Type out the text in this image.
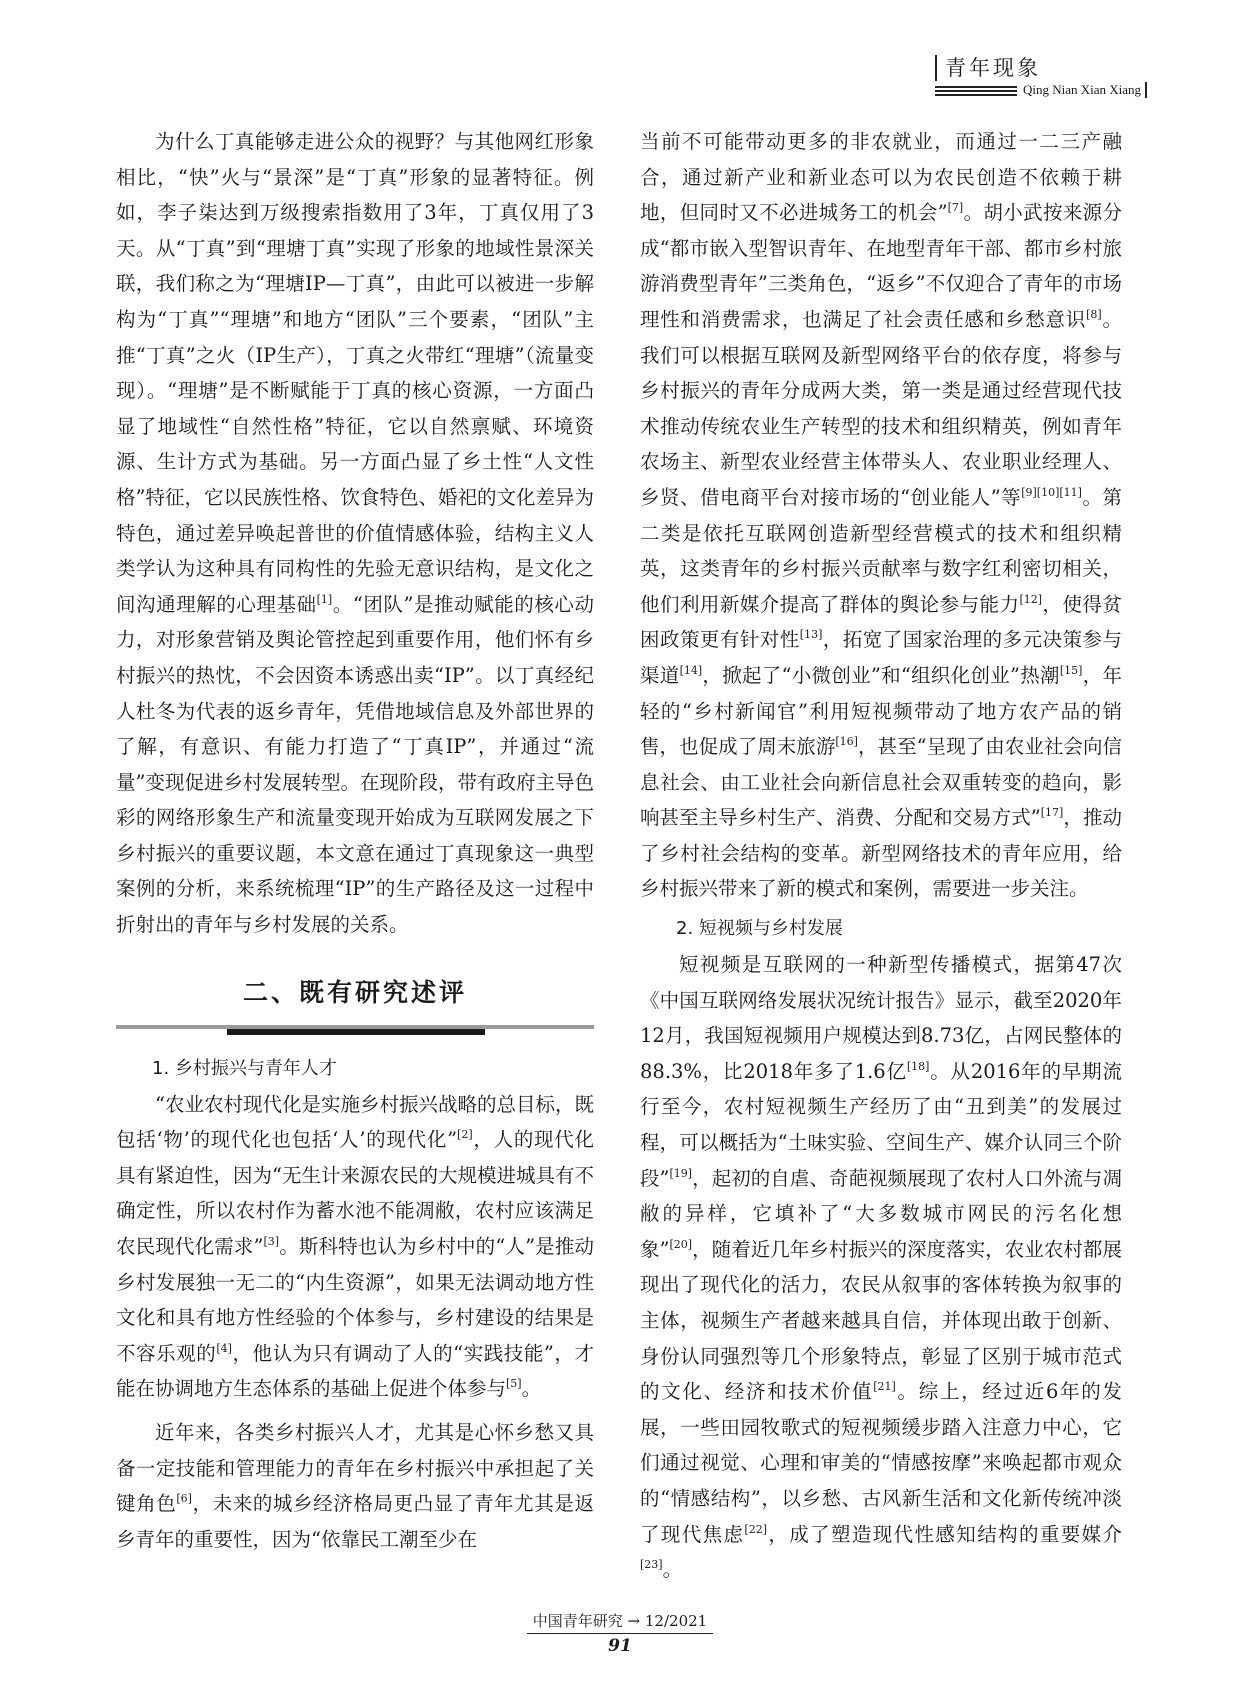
青年现象
Qing Nian Xian Xiang

为什么丁真能够走进公众的视野？与其他网红形象相比，“快”火与“景深”是“丁真”形象的显著特征。例如，李子柒达到万级搜索指数用了3年，丁真仅用了3天。从“丁真”到“理塘丁真”实现了形象的地域性景深关联，我们称之为“理塘IP—丁真”，由此可以被进一步解构为“丁真”“理塘”和地方“团队”三个要素，“团队”主推“丁真”之火（IP生产），丁真之火带红“理塘”（流量变现）。“理塘”是不断赋能于丁真的核心资源，一方面凸显了地域性“自然性格”特征，它以自然禀赋、环境资源、生计方式为基础。另一方面凸显了乡土性“人文性格”特征，它以民族性格、饮食特色、婚祀的文化差异为特色，通过差异唤起普世的价值情感体验，结构主义人类学认为这种具有同构性的先验无意识结构，是文化之间沟通理解的心理基础[1]。“团队”是推动赋能的核心动力，对形象营销及舆论管控起到重要作用，他们怀有乡村振兴的热忱，不会因资本诱惑出卖“IP”。以丁真经纪人杜冬为代表的返乡青年，凭借地域信息及外部世界的了解，有意识、有能力打造了“丁真IP”，并通过“流量”变现促进乡村发展转型。在现阶段，带有政府主导色彩的网络形象生产和流量变现开始成为互联网发展之下乡村振兴的重要议题，本文意在通过丁真现象这一典型案例的分析，来系统梳理“IP”的生产路径及这一过程中折射出的青年与乡村发展的关系。

二、既有研究述评
1. 乡村振兴与青年人才

“农业农村现代化是实施乡村振兴战略的总目标，既包括‘物’的现代化也包括‘人’的现代化”[2]，人的现代化具有紧迫性，因为“无生计来源农民的大规模进城具有不确定性，所以农村作为蓄水池不能凋敝，农村应该满足农民现代化需求”[3]。斯科特也认为乡村中的“人”是推动乡村发展独一无二的“内生资源”，如果无法调动地方性文化和具有地方性经验的个体参与，乡村建设的结果是不容乐观的[4]，他认为只有调动了人的“实践技能”，才能在协调地方生态体系的基础上促进个体参与[5]。

近年来，各类乡村振兴人才，尤其是心怀乡愁又具备一定技能和管理能力的青年在乡村振兴中承担起了关键角色[6]，未来的城乡经济格局更凸显了青年尤其是返乡青年的重要性，因为“依靠民工潮至少在

当前不可能带动更多的非农就业，而通过一二三产融合，通过新产业和新业态可以为农民创造不依赖于耕地，但同时又不必进城务工的机会”[7]。胡小武按来源分成“都市嵌入型智识青年、在地型青年干部、都市乡村旅游消费型青年”三类角色，“返乡”不仅迎合了青年的市场理性和消费需求，也满足了社会责任感和乡愁意识[8]。我们可以根据互联网及新型网络平台的依存度，将参与乡村振兴的青年分成两大类，第一类是通过经营现代技术推动传统农业生产转型的技术和组织精英，例如青年农场主、新型农业经营主体带头人、农业职业经理人、乡贤、借电商平台对接市场的“创业能人”等[9][10][11]。第二类是依托互联网创造新型经营模式的技术和组织精英，这类青年的乡村振兴贡献率与数字红利密切相关，他们利用新媒介提高了群体的舆论参与能力[12]，使得贫困政策更有针对性[13]，拓宽了国家治理的多元决策参与渠道[14]，掀起了“小微创业”和“组织化创业”热潮[15]，年轻的“乡村新闻官”利用短视频带动了地方农产品的销售，也促成了周末旅游[16]，甚至“呈现了由农业社会向信息社会、由工业社会向新信息社会双重转变的趋向，影响甚至主导乡村生产、消费、分配和交易方式”[17]，推动了乡村社会结构的变革。新型网络技术的青年应用，给乡村振兴带来了新的模式和案例，需要进一步关注。

2. 短视频与乡村发展

短视频是互联网的一种新型传播模式，据第47次《中国互联网络发展状况统计报告》显示，截至2020年12月，我国短视频用户规模达到8.73亿，占网民整体的88.3%，比2018年多了1.6亿[18]。从2016年的早期流行至今，农村短视频生产经历了由“丑到美”的发展过程，可以概括为“土味实验、空间生产、媒介认同三个阶段”[19]，起初的自虐、奇葩视频展现了农村人口外流与凋敝的异样，它填补了“大多数城市网民的污名化想象”[20]，随着近几年乡村振兴的深度落实，农业农村都展现出了现代化的活力，农民从叙事的客体转换为叙事的主体，视频生产者越来越具自信，并体现出敢于创新、身份认同强烈等几个形象特点，彰显了区别于城市范式的文化、经济和技术价值[21]。综上，经过近6年的发展，一些田园牧歌式的短视频缓步踏入注意力中心，它们通过视觉、心理和审美的“情感按摩”来唤起都市观众的“情感结构”，以乡愁、古风新生活和文化新传统冲淡了现代焦虑[22]，成了塑造现代性感知结构的重要媒介[23]。

中国青年研究 → 12/2021
91
